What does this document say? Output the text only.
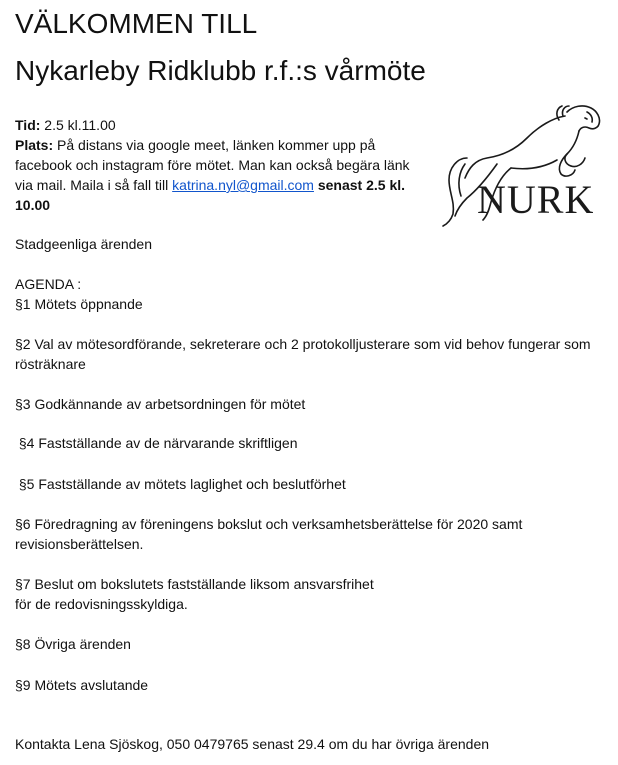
VÄLKOMMEN TILL
Nykarleby Ridklubb r.f.:s vårmöte

Tid: 2.5 kl.11.00

Plats: På distans via google meet, länken kommer upp på facebook och instagram före mötet. Man kan också begära länk via mail. Maila i så fall till katrina.nyl@gmail.com senast 2.5 kl. 10.00	NURK

Stadgeenliga ärenden

AGENDA :

§1 Mötets öppnande

§2 Val av mötesordförande, sekreterare och 2 protokolljusterare som vid behov fungerar som rösträknare

§3 Godkännande av arbetsordningen för mötet

§4 Fastställande av de närvarande skriftligen

§5 Fastställande av mötets laglighet och beslutförhet

§6 Föredragning av föreningens bokslut och verksamhetsberättelse för 2020 samt revisionsberättelsen.

§7 Beslut om bokslutets fastställande liksom ansvarsfrihet

för de redovisningsskyldiga.

§8 Övriga ärenden

§9 Mötets avslutande

Kontakta Lena Sjöskog, 050 0479765 senast 29.4 om du har övriga ärenden
